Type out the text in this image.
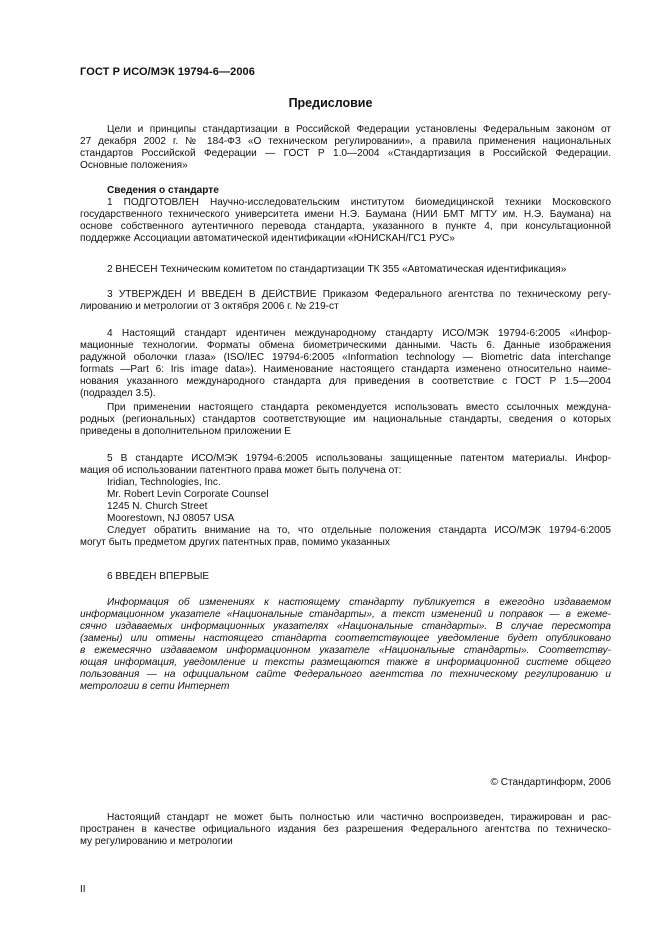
ГОСТ Р ИСО/МЭК 19794-6—2006
Предисловие
Цели и принципы стандартизации в Российской Федерации установлены Федеральным законом от
27 декабря 2002 г. № 184-ФЗ «О техническом регулировании», а правила применения национальных
стандартов Российской Федерации — ГОСТ Р 1.0—2004 «Стандартизация в Российской Федерации.
Основные положения»
Сведения о стандарте
1 ПОДГОТОВЛЕН Научно-исследовательским институтом биомедицинской техники Московского
государственного технического университета имени Н.Э. Баумана (НИИ БМТ МГТУ им. Н.Э. Баумана) на
основе собственного аутентичного перевода стандарта, указанного в пункте 4, при консультационной
поддержке Ассоциации автоматической идентификации «ЮНИСКАН/ГС1 РУС»
2 ВНЕСЕН Техническим комитетом по стандартизации ТК 355 «Автоматическая идентификация»
3 УТВЕРЖДЕН И ВВЕДЕН В ДЕЙСТВИЕ Приказом Федерального агентства по техническому регу-
лированию и метрологии от 3 октября 2006 г. № 219-ст
4 Настоящий стандарт идентичен международному стандарту ИСО/МЭК 19794-6:2005 «Инфор-
мационные технологии. Форматы обмена биометрическими данными. Часть 6. Данные изображения
радужной оболочки глаза» (ISO/IEC 19794-6:2005 «Information technology — Biometric data interchange
formats —Part 6: Iris image data»). Наименование настоящего стандарта изменено относительно наиме-
нования указанного международного стандарта для приведения в соответствие с ГОСТ Р 1.5—2004
(подраздел 3.5).
При применении настоящего стандарта рекомендуется использовать вместо ссылочных междуна-
родных (региональных) стандартов соответствующие им национальные стандарты, сведения о которых
приведены в дополнительном приложении Е
5 В стандарте ИСО/МЭК 19794-6:2005 использованы защищенные патентом материалы. Инфор-
мация об использовании патентного права может быть получена от:
Iridian, Technologies, Inc.
Mr. Robert Levin Corporate Counsel
1245 N. Church Street
Moorestown, NJ 08057 USA
Следует обратить внимание на то, что отдельные положения стандарта ИСО/МЭК 19794-6:2005
могут быть предметом других патентных прав, помимо указанных
6 ВВЕДЕН ВПЕРВЫЕ
Информация об изменениях к настоящему стандарту публикуется в ежегодно издаваемом
информационном указателе «Национальные стандарты», а текст изменений и поправок — в ежеме-
сячно издаваемых информационных указателях «Национальные стандарты». В случае пересмотра
(замены) или отмены настоящего стандарта соответствующее уведомление будет опубликовано
в ежемесячно издаваемом информационном указателе «Национальные стандарты». Соответству-
ющая информация, уведомление и тексты размещаются также в информационной системе общего
пользования — на официальном сайте Федерального агентства по техническому регулированию и
метрологии в сети Интернет
© Стандартинформ, 2006
Настоящий стандарт не может быть полностью или частично воспроизведен, тиражирован и рас-
пространен в качестве официального издания без разрешения Федерального агентства по техническо-
му регулированию и метрологии
II
